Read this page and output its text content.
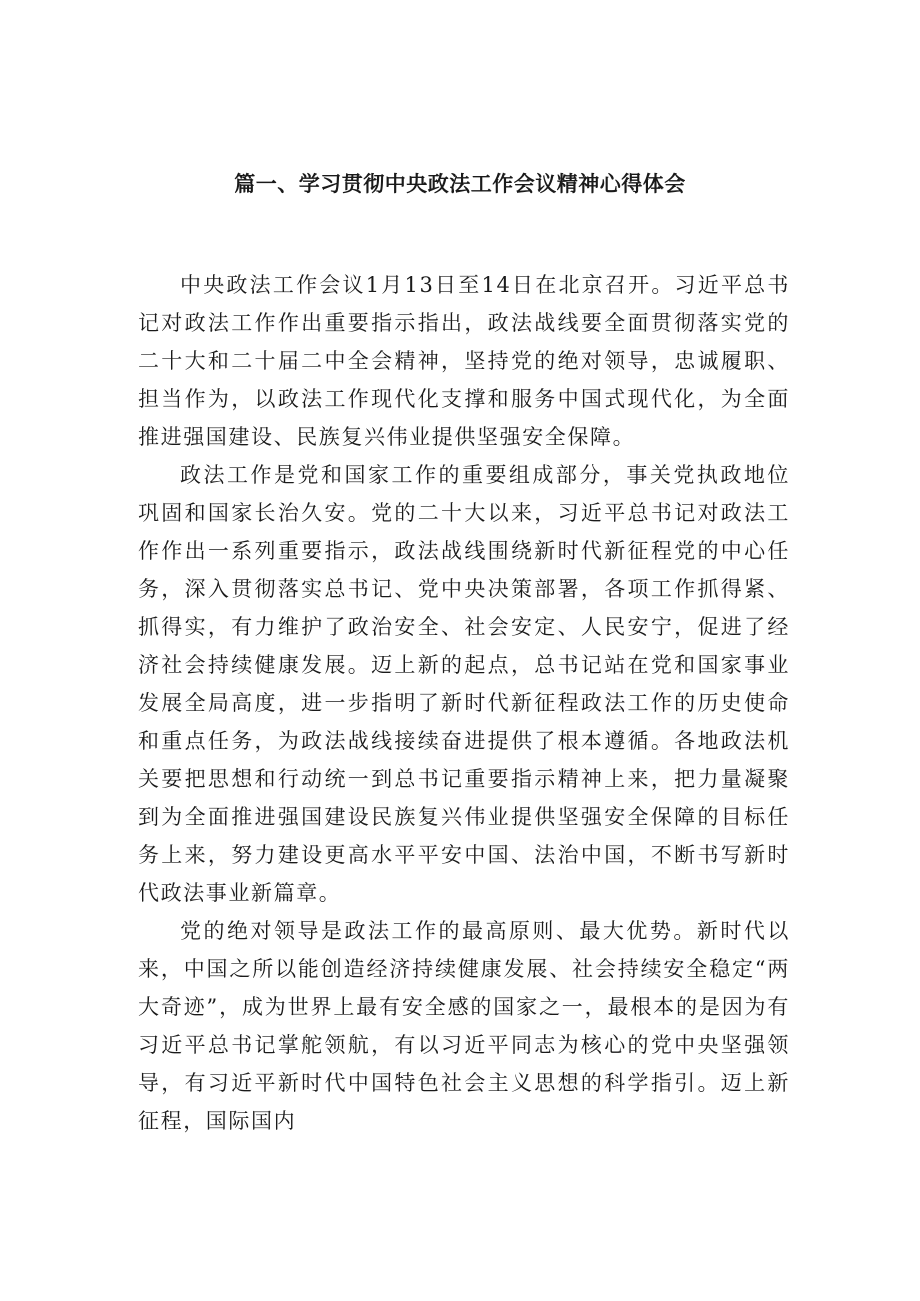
篇一、学习贯彻中央政法工作会议精神心得体会

中央政法工作会议1月13日至14日在北京召开。习近平总书记对政法工作作出重要指示指出，政法战线要全面贯彻落实党的二十大和二十届二中全会精神，坚持党的绝对领导，忠诚履职、担当作为，以政法工作现代化支撑和服务中国式现代化，为全面推进强国建设、民族复兴伟业提供坚强安全保障。

政法工作是党和国家工作的重要组成部分，事关党执政地位巩固和国家长治久安。党的二十大以来，习近平总书记对政法工作作出一系列重要指示，政法战线围绕新时代新征程党的中心任务，深入贯彻落实总书记、党中央决策部署，各项工作抓得紧、抓得实，有力维护了政治安全、社会安定、人民安宁，促进了经济社会持续健康发展。迈上新的起点，总书记站在党和国家事业发展全局高度，进一步指明了新时代新征程政法工作的历史使命和重点任务，为政法战线接续奋进提供了根本遵循。各地政法机关要把思想和行动统一到总书记重要指示精神上来，把力量凝聚到为全面推进强国建设民族复兴伟业提供坚强安全保障的目标任务上来，努力建设更高水平平安中国、法治中国，不断书写新时代政法事业新篇章。

党的绝对领导是政法工作的最高原则、最大优势。新时代以来，中国之所以能创造经济持续健康发展、社会持续安全稳定“两大奇迹”，成为世界上最有安全感的国家之一，最根本的是因为有习近平总书记掌舵领航，有以习近平同志为核心的党中央坚强领导，有习近平新时代中国特色社会主义思想的科学指引。迈上新征程，国际国内
